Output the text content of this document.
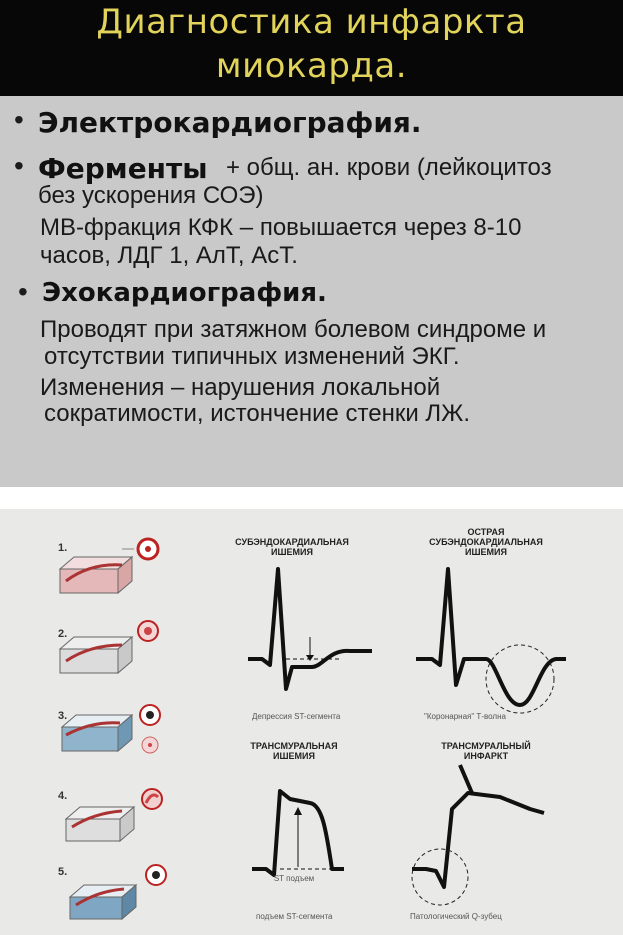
Диагностика инфаркта
миокарда.
• Электрокардиография.
• Ферменты + общ. ан. крови (лейкоцитоз
без ускорения СОЭ)
МВ-фракция КФК – повышается через 8-10
часов, ЛДГ 1, АлТ, АсТ.
• Эхокардиография.
Проводят при затяжном болевом синдроме и
отсутствии типичных изменений ЭКГ.
Изменения – нарушения локальной
сократимости, истончение стенки ЛЖ.
1.
2.
3.
4.
5.
СУБЭНДОКАРДИАЛЬНАЯ
ИШЕМИЯ
Депрессия ST-сегмента
ОСТРАЯ
СУБЭНДОКАРДИАЛЬНАЯ
ИШЕМИЯ
"Коронарная" Т-волна
ТРАНСМУРАЛЬНАЯ
ИШЕМИЯ
ST подъем
подъем ST-сегмента
ТРАНСМУРАЛЬНЫЙ
ИНФАРКТ
Патологический Q-зубец
